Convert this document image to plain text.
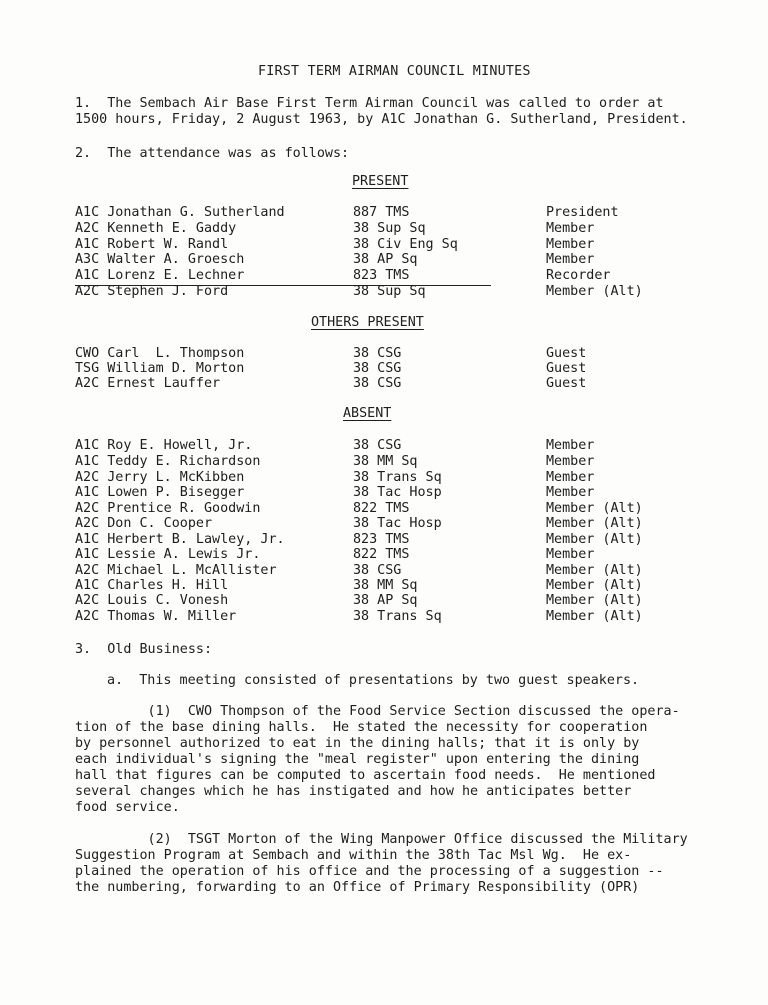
FIRST TERM AIRMAN COUNCIL MINUTES
1.  The Sembach Air Base First Term Airman Council was called to order at
1500 hours, Friday, 2 August 1963, by A1C Jonathan G. Sutherland, President.
2.  The attendance was as follows:
PRESENT
A1C Jonathan G. Sutherland	887 TMS	President
A2C Kenneth E. Gaddy	38 Sup Sq	Member
A1C Robert W. Randl	38 Civ Eng Sq	Member
A3C Walter A. Groesch	38 AP Sq	Member
A1C Lorenz E. Lechner	823 TMS	Recorder
A2C Stephen J. Ford	38 Sup Sq	Member (Alt)
OTHERS PRESENT
CWO Carl  L. Thompson	38 CSG	Guest
TSG William D. Morton	38 CSG	Guest
A2C Ernest Lauffer	38 CSG	Guest
ABSENT
A1C Roy E. Howell, Jr.	38 CSG	Member
A1C Teddy E. Richardson	38 MM Sq	Member
A2C Jerry L. McKibben	38 Trans Sq	Member
A1C Lowen P. Bisegger	38 Tac Hosp	Member
A2C Prentice R. Goodwin	822 TMS	Member (Alt)
A2C Don C. Cooper	38 Tac Hosp	Member (Alt)
A1C Herbert B. Lawley, Jr.	823 TMS	Member (Alt)
A1C Lessie A. Lewis Jr.	822 TMS	Member
A2C Michael L. McAllister	38 CSG	Member (Alt)
A1C Charles H. Hill	38 MM Sq	Member (Alt)
A2C Louis C. Vonesh	38 AP Sq	Member (Alt)
A2C Thomas W. Miller	38 Trans Sq	Member (Alt)
3.  Old Business:
a.  This meeting consisted of presentations by two guest speakers.
(1)  CWO Thompson of the Food Service Section discussed the opera-
tion of the base dining halls.  He stated the necessity for cooperation
by personnel authorized to eat in the dining halls; that it is only by
each individual's signing the "meal register" upon entering the dining
hall that figures can be computed to ascertain food needs.  He mentioned
several changes which he has instigated and how he anticipates better
food service.
(2)  TSGT Morton of the Wing Manpower Office discussed the Military
Suggestion Program at Sembach and within the 38th Tac Msl Wg.  He ex-
plained the operation of his office and the processing of a suggestion --
the numbering, forwarding to an Office of Primary Responsibility (OPR)
